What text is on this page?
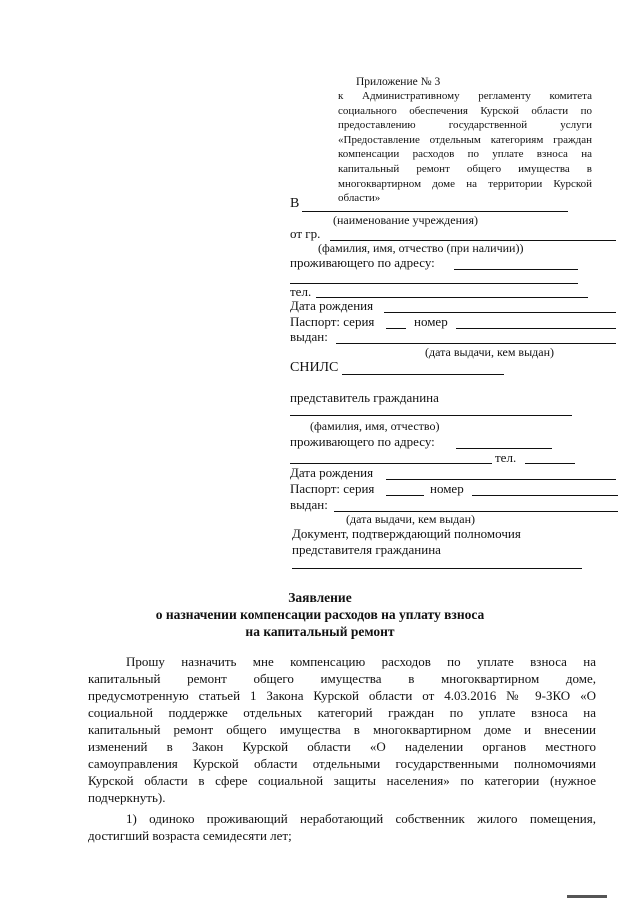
Приложение № 3
к Административному регламенту комитета
социального обеспечения Курской области по
предоставлению государственной услуги
«Предоставление отдельным категориям граждан
компенсации расходов по уплате взноса на
капитальный ремонт общего имущества в
многоквартирном доме на территории Курской
области»
В
(наименование учреждения)
от гр.
(фамилия, имя, отчество (при наличии))
проживающего по адресу:
тел.
Дата рождения
Паспорт: серия	номер
выдан:
(дата выдачи, кем выдан)
СНИЛС
представитель гражданина
(фамилия, имя, отчество)
проживающего по адресу:
тел.
Дата рождения
Паспорт: серия	номер
выдан:
(дата выдачи, кем выдан)
Документ, подтверждающий полномочия
представителя гражданина
Заявление
о назначении компенсации расходов на уплату взноса
на капитальный ремонт
Прошу назначить мне компенсацию расходов по уплате взноса на
капитальный ремонт общего имущества в многоквартирном доме,
предусмотренную статьей 1 Закона Курской области от 4.03.2016 № 9-ЗКО «О
социальной поддержке отдельных категорий граждан по уплате взноса на
капитальный ремонт общего имущества в многоквартирном доме и внесении
изменений в Закон Курской области «О наделении органов местного
самоуправления Курской области отдельными государственными полномочиями
Курской области в сфере социальной защиты населения» по категории (нужное
подчеркнуть).
1) одиноко проживающий неработающий собственник жилого помещения,
достигший возраста семидесяти лет;
